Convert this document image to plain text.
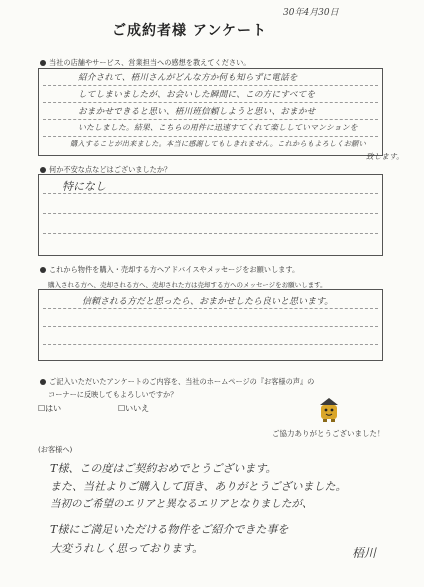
30年4月30日
ご成約者様 アンケート
当社の店舗やサービス、営業担当への感想を教えてください。
紹介されて、梧川さんがどんな方か何も知らずに電話を
してしまいましたが、お会いした瞬間に、この方にすべてを
おまかせできると思い、梧川班信頼しようと思い、おまかせ
いたしました。結果、こちらの用件に迅速すてくれて楽ししていマンションを
購入することが出来ました。本当に感謝してもしきれません。これからもよろしくお願い
致します。
何か不安な点などはございましたか？
特になし
これから物件を購入・売却する方へアドバイスやメッセージをお願いします。
購入される方へ、売却される方へ、売却された方は売却する方へのメッセージをお願いします。
信頼される方だと思ったら、おまかせしたら良いと思います。
ご記入いただいたアンケートのご内容を、当社のホームページの『お客様の声』の
コーナーに反映してもよろしいですか？
☐はい	☐いいえ
ご協力ありがとうございました！
(お客様へ)
T様、この度はご契約おめでとうございます。
また、当社よりご購入して頂き、ありがとうございました。
当初のご希望のエリアと異なるエリアとなりましたが、
T様にご満足いただける物件をご紹介できた事を
大変うれしく思っております。	梧川
